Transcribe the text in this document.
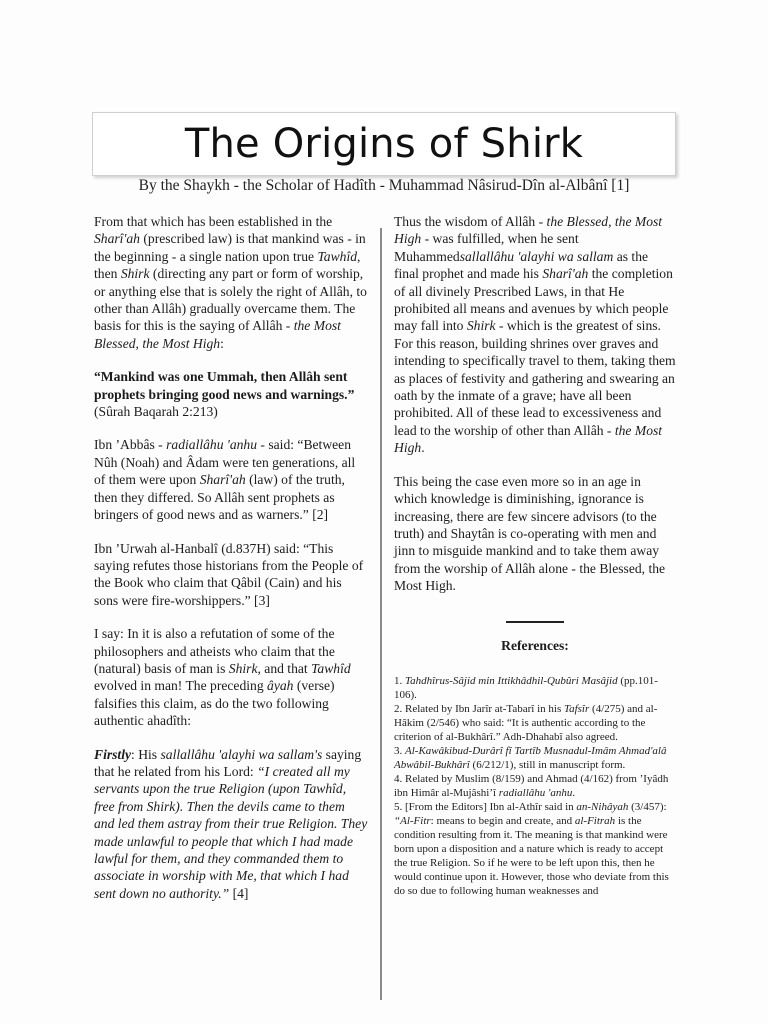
The Origins of Shirk
By the Shaykh - the Scholar of Hadîth - Muhammad Nâsirud-Dîn al-Albânî [1]

From that which has been established in the Sharî'ah (prescribed law) is that mankind was - in the beginning - a single nation upon true Tawhîd, then Shirk (directing any part or form of worship, or anything else that is solely the right of Allâh, to other than Allâh) gradually overcame them. The basis for this is the saying of Allâh - the Most Blessed, the Most High:

“Mankind was one Ummah, then Allâh sent prophets bringing good news and warnings.” (Sûrah Baqarah 2:213)

Ibn ’Abbâs - radiallâhu 'anhu - said: “Between Nûh (Noah) and Âdam were ten generations, all of them were upon Sharî'ah (law) of the truth, then they differed. So Allâh sent prophets as bringers of good news and as warners.” [2]

Ibn ’Urwah al-Hanbalî (d.837H) said: “This saying refutes those historians from the People of the Book who claim that Qâbil (Cain) and his sons were fire-worshippers.” [3]

I say: In it is also a refutation of some of the philosophers and atheists who claim that the (natural) basis of man is Shirk, and that Tawhîd evolved in man! The preceding âyah (verse) falsifies this claim, as do the two following authentic ahadîth:

Firstly: His sallallâhu 'alayhi wa sallam's saying that he related from his Lord: “I created all my servants upon the true Religion (upon Tawhîd, free from Shirk). Then the devils came to them and led them astray from their true Religion. They made unlawful to people that which I had made lawful for them, and they commanded them to associate in worship with Me, that which I had sent down no authority.” [4]

Thus the wisdom of Allâh - the Blessed, the Most High - was fulfilled, when he sent Muhammedsallallâhu 'alayhi wa sallam as the final prophet and made his Sharî'ah the completion of all divinely Prescribed Laws, in that He prohibited all means and avenues by which people may fall into Shirk - which is the greatest of sins. For this reason, building shrines over graves and intending to specifically travel to them, taking them as places of festivity and gathering and swearing an oath by the inmate of a grave; have all been prohibited. All of these lead to excessiveness and lead to the worship of other than Allâh - the Most High.

This being the case even more so in an age in which knowledge is diminishing, ignorance is increasing, there are few sincere advisors (to the truth) and Shaytân is co-operating with men and jinn to misguide mankind and to take them away from the worship of Allâh alone - the Blessed, the Most High.

References:
1. Tahdhîrus-Sâjid min Ittikhâdhil-Qubûri Masâjid (pp.101-106).
2. Related by Ibn Jarîr at-Tabarî in his Tafsîr (4/275) and al-Hâkim (2/546) who said: “It is authentic according to the criterion of al-Bukhârî.” Adh-Dhahabî also agreed.
3. Al-Kawâkibud-Durârî fî Tartîb Musnadul-Imâm Ahmad'alâ Abwâbil-Bukhârî (6/212/1), still in manuscript form.
4. Related by Muslim (8/159) and Ahmad (4/162) from ’Iyâdh ibn Himâr al-Mujâshi’î radiallâhu 'anhu.
5. [From the Editors] Ibn al-Athîr said in an-Nihâyah (3/457): “Al-Fitr: means to begin and create, and al-Fitrah is the condition resulting from it. The meaning is that mankind were born upon a disposition and a nature which is ready to accept the true Religion. So if he were to be left upon this, then he would continue upon it. However, those who deviate from this do so due to following human weaknesses and
